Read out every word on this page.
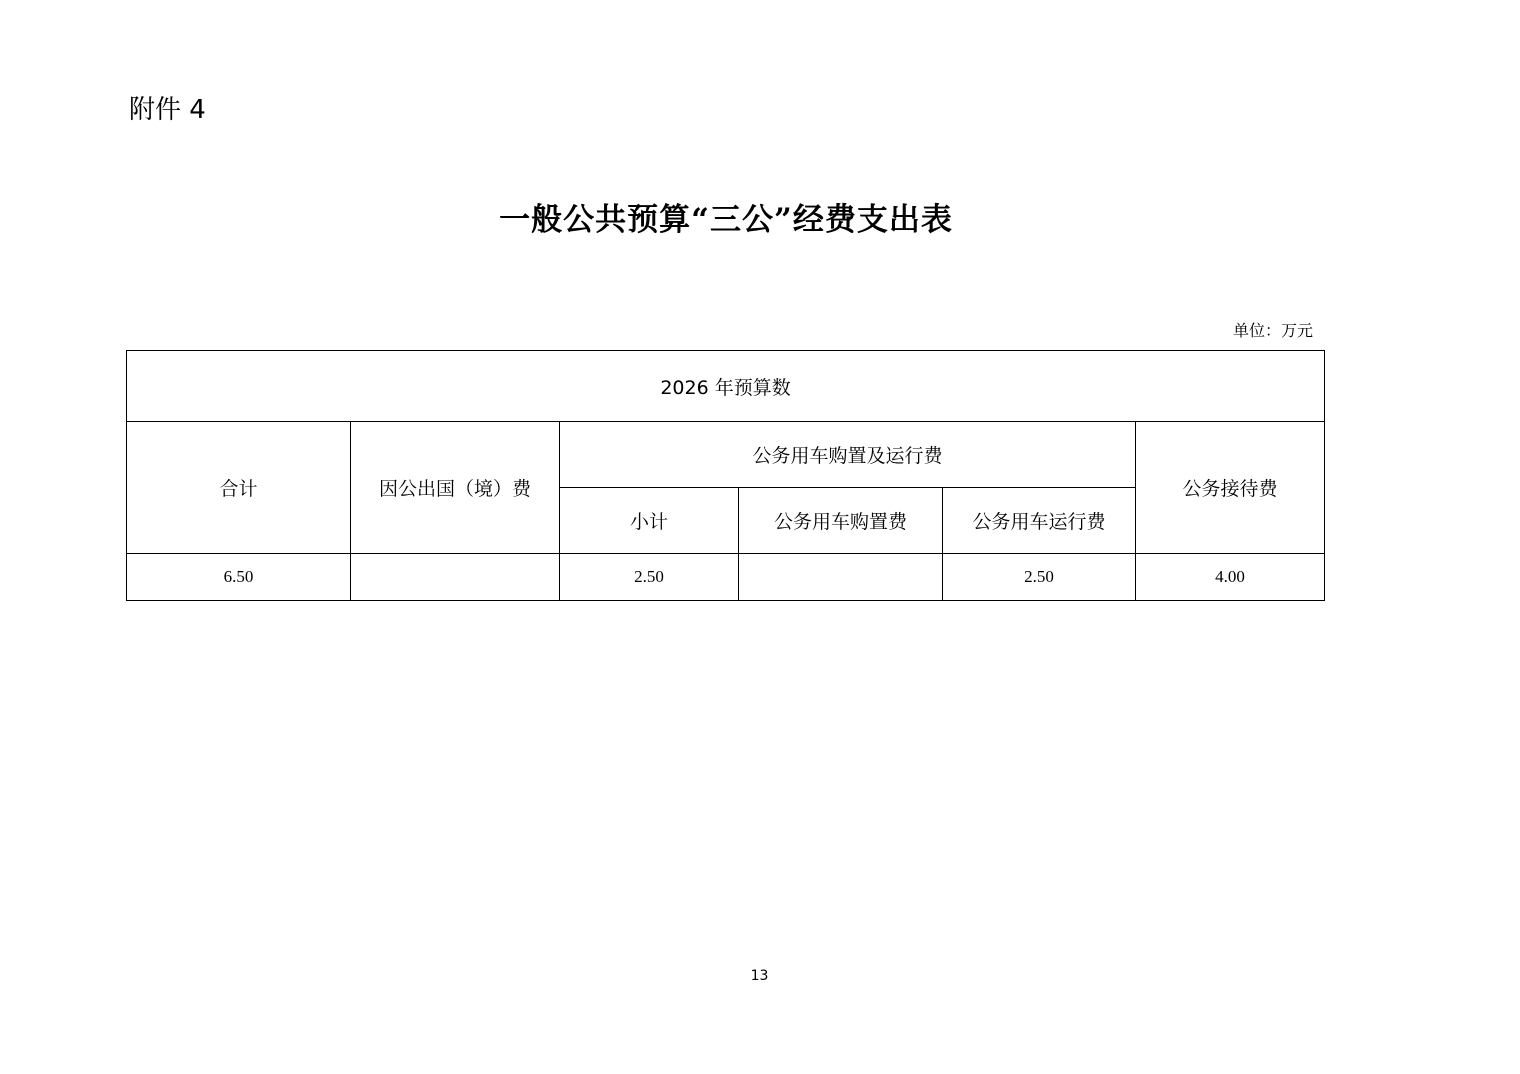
附件 4
一般公共预算“三公”经费支出表
单位：万元
2026 年预算数					
合计	因公出国（境）费	公务用车购置及运行费			公务接待费
		小计	公务用车购置费	公务用车运行费	
6.50		2.50		2.50	4.00
13
